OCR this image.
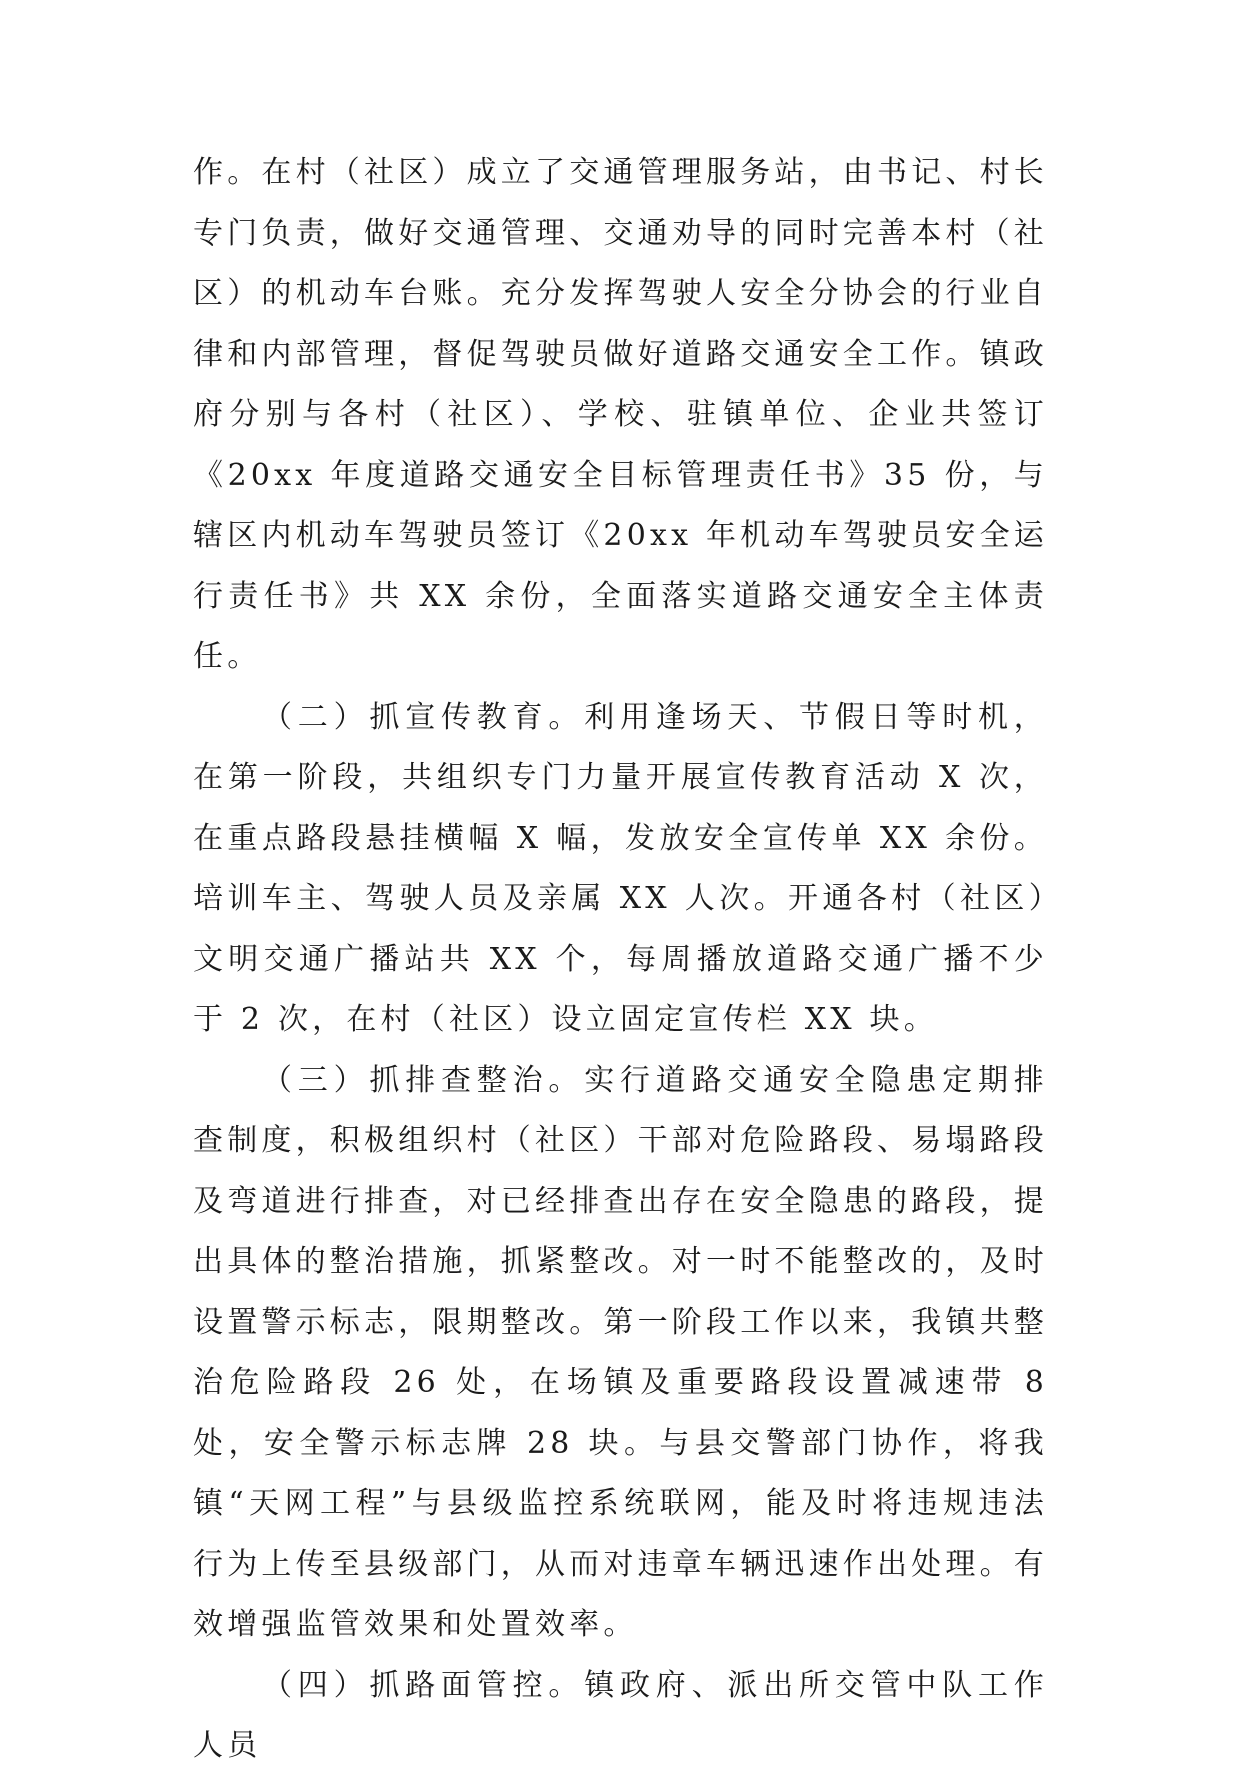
作。在村（社区）成立了交通管理服务站，由书记、村长专门负责，做好交通管理、交通劝导的同时完善本村（社区）的机动车台账。充分发挥驾驶人安全分协会的行业自律和内部管理，督促驾驶员做好道路交通安全工作。镇政府分别与各村（社区）、学校、驻镇单位、企业共签订《20xx 年度道路交通安全目标管理责任书》35 份，与辖区内机动车驾驶员签订《20xx 年机动车驾驶员安全运行责任书》共 XX 余份，全面落实道路交通安全主体责任。

（二）抓宣传教育。利用逢场天、节假日等时机，在第一阶段，共组织专门力量开展宣传教育活动 X 次，在重点路段悬挂横幅 X 幅，发放安全宣传单 XX 余份。培训车主、驾驶人员及亲属 XX 人次。开通各村（社区）文明交通广播站共 XX 个，每周播放道路交通广播不少于 2 次，在村（社区）设立固定宣传栏 XX 块。

（三）抓排查整治。实行道路交通安全隐患定期排查制度，积极组织村（社区）干部对危险路段、易塌路段及弯道进行排查，对已经排查出存在安全隐患的路段，提出具体的整治措施，抓紧整改。对一时不能整改的，及时设置警示标志，限期整改。第一阶段工作以来，我镇共整治危险路段 26 处，在场镇及重要路段设置减速带 8 处，安全警示标志牌 28 块。与县交警部门协作，将我镇“天网工程”与县级监控系统联网，能及时将违规违法行为上传至县级部门，从而对违章车辆迅速作出处理。有效增强监管效果和处置效率。

（四）抓路面管控。镇政府、派出所交管中队工作人员
